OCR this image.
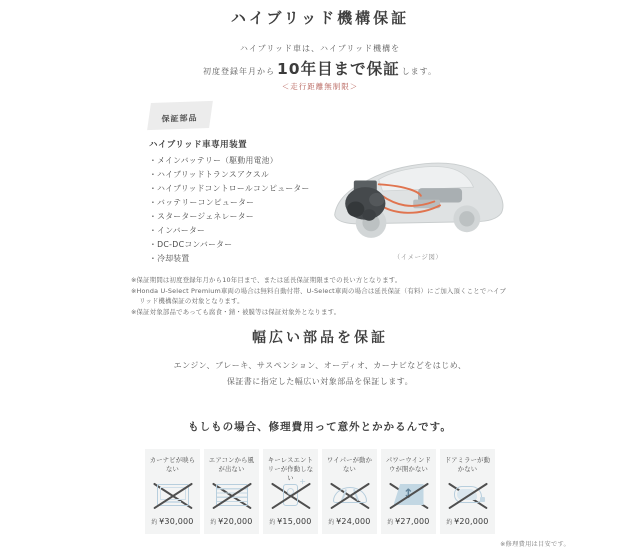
ハイブリッド機構保証
ハイブリッド車は、ハイブリッド機構を
初度登録年月から 10年目まで保証 します。
＜走行距離無制限＞
保証部品
ハイブリッド車専用装置
・ メインバッテリー（駆動用電池）
・ ハイブリッドトランスアクスル
・ ハイブリッドコントロールコンピューター
・ バッテリーコンピューター
・ スタータージェネレーター
・ インバーター
・ DC-DCコンバーター
・ 冷却装置	（イメージ図）
※保証期間は初度登録年月から10年目まで、または延長保証期限までの長い方となります。
※Honda U-Select Premium車両の場合は無料自動付帯、U-Select車両の場合は延長保証（有料）にご加入頂くことでハイブリッド機構保証の対象となります。
※保証対象部品であっても腐食・錆・被膜等は保証対象外となります。
幅広い部品を保証
エンジン、ブレーキ、サスペンション、オーディオ、カーナビなどをはじめ、
保証書に指定した幅広い対象部品を保証します。
もしもの場合、修理費用って意外とかかるんです。
カーナビが映らない
約 ¥30,000
エアコンから風が出ない
約 ¥20,000
キーレスエントリーが作動しない
+
約 ¥15,000
ワイパーが動かない
約 ¥24,000
パワーウインドウが開かない
↕
約 ¥27,000
ドアミラーが動かない
約 ¥20,000
※修理費用は目安です。
